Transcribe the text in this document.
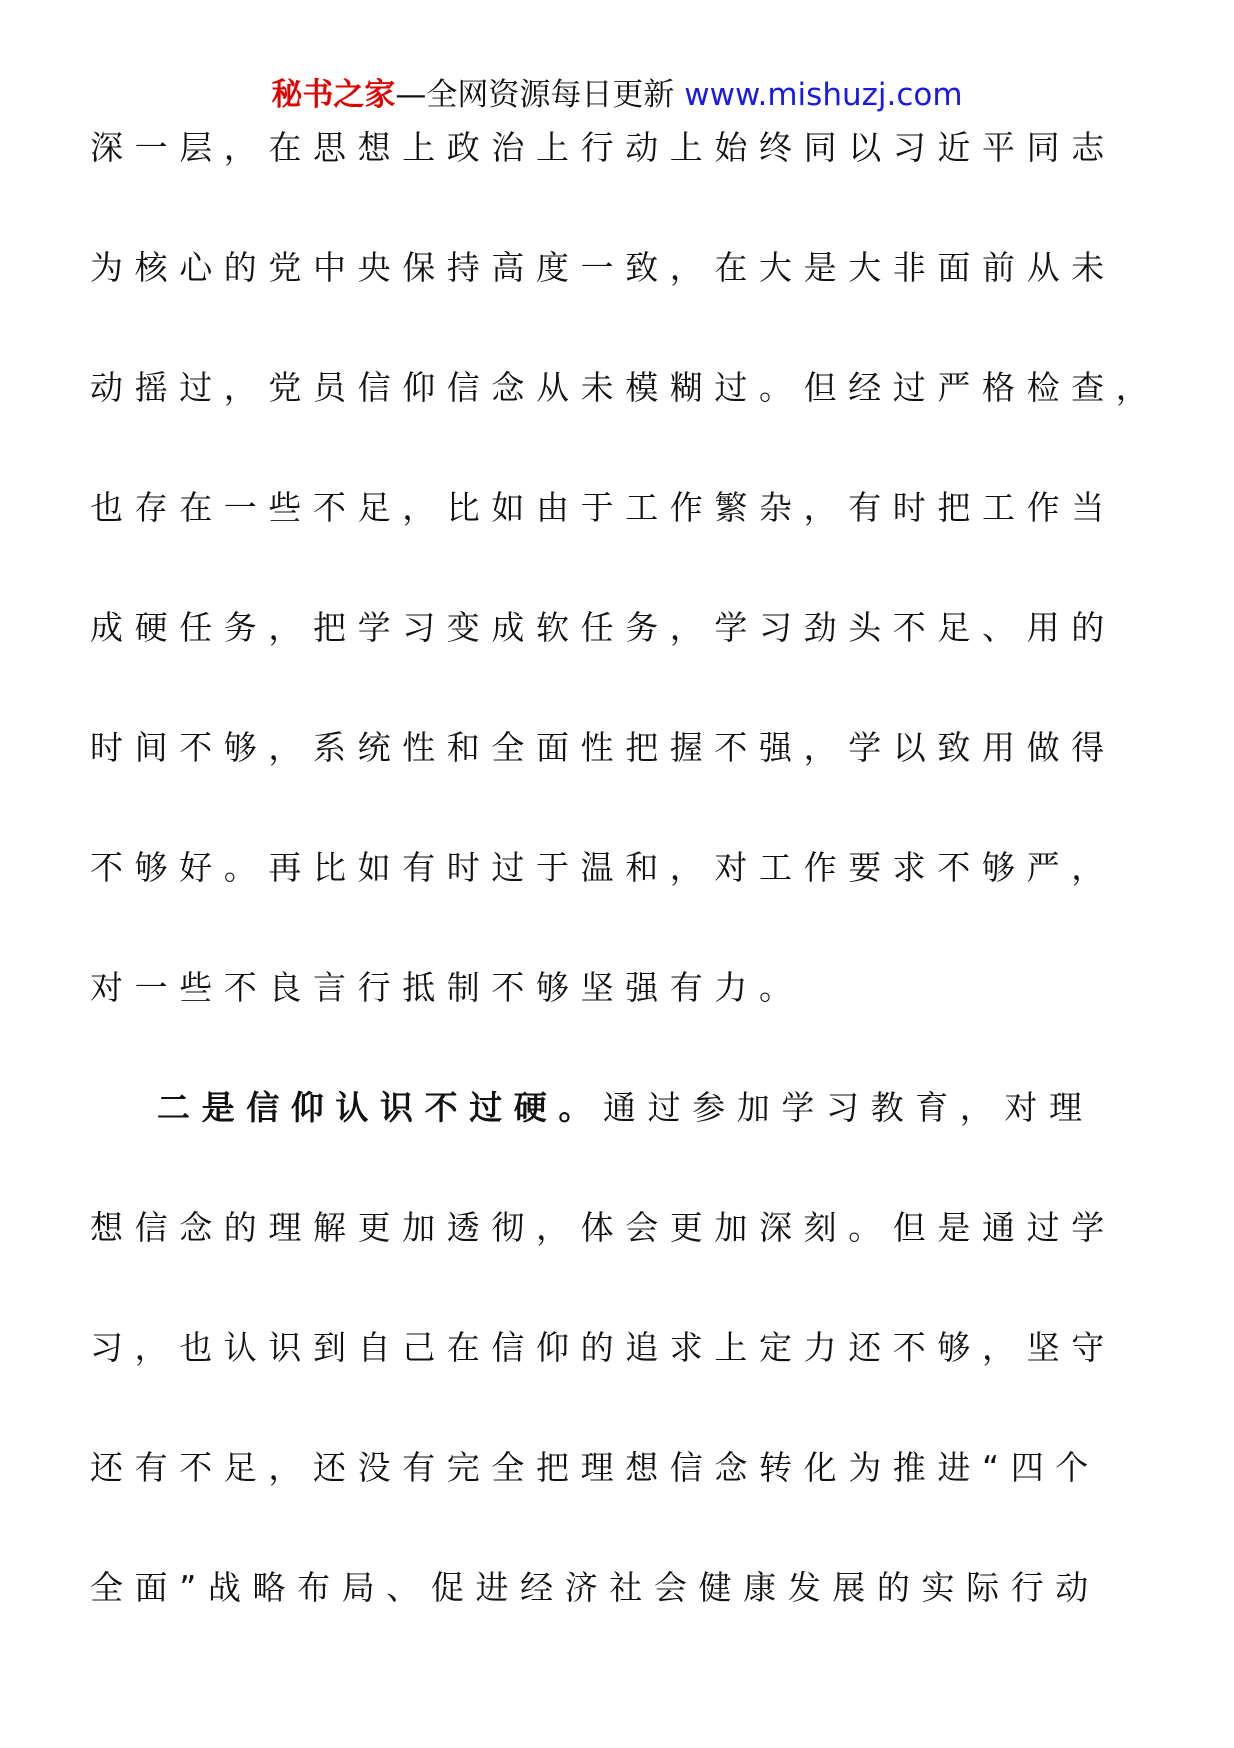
秘书之家—全网资源每日更新 www.mishuzj.com
深一层，在思想上政治上行动上始终同以习近平同志
为核心的党中央保持高度一致，在大是大非面前从未
动摇过，党员信仰信念从未模糊过。但经过严格检查，
也存在一些不足，比如由于工作繁杂，有时把工作当
成硬任务，把学习变成软任务，学习劲头不足、用的
时间不够，系统性和全面性把握不强，学以致用做得
不够好。再比如有时过于温和，对工作要求不够严，
对一些不良言行抵制不够坚强有力。
二是信仰认识不过硬。通过参加学习教育，对理
想信念的理解更加透彻，体会更加深刻。但是通过学
习，也认识到自己在信仰的追求上定力还不够，坚守
还有不足，还没有完全把理想信念转化为推进“四个
全面”战略布局、促进经济社会健康发展的实际行动
